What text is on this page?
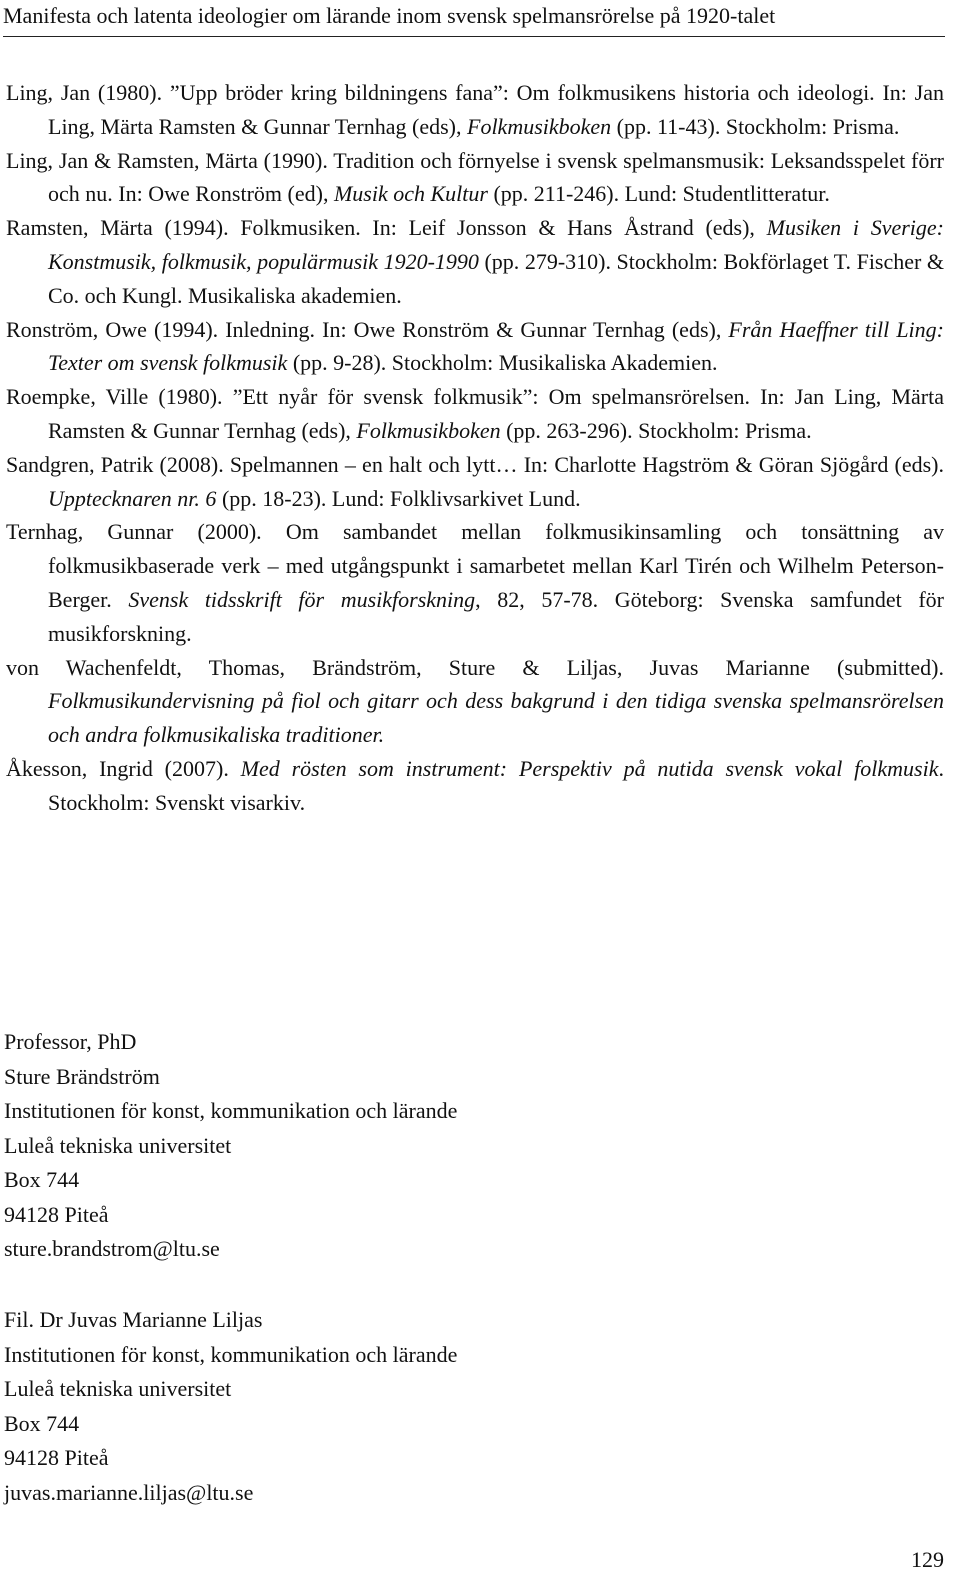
Manifesta och latenta ideologier om lärande inom svensk spelmansrörelse på 1920-talet

Ling, Jan (1980). ”Upp bröder kring bildningens fana”: Om folkmusikens historia och ideologi. In: Jan Ling, Märta Ramsten & Gunnar Ternhag (eds), Folkmusikboken (pp. 11-43). Stockholm: Prisma.

Ling, Jan & Ramsten, Märta (1990). Tradition och förnyelse i svensk spelmansmusik: Leksandsspelet förr och nu. In: Owe Ronström (ed), Musik och Kultur (pp. 211-246). Lund: Studentlitteratur.

Ramsten, Märta (1994). Folkmusiken. In: Leif Jonsson & Hans Åstrand (eds), Musiken i Sverige: Konstmusik, folkmusik, populärmusik 1920-1990 (pp. 279-310). Stockholm: Bokförlaget T. Fischer & Co. och Kungl. Musikaliska akademien.

Ronström, Owe (1994). Inledning. In: Owe Ronström & Gunnar Ternhag (eds), Från Haeffner till Ling: Texter om svensk folkmusik (pp. 9-28). Stockholm: Musikaliska Akademien.

Roempke, Ville (1980). ”Ett nyår för svensk folkmusik”: Om spelmansrörelsen. In: Jan Ling, Märta Ramsten & Gunnar Ternhag (eds), Folkmusikboken (pp. 263-296). Stockholm: Prisma.

Sandgren, Patrik (2008). Spelmannen – en halt och lytt… In: Charlotte Hagström & Göran Sjögård (eds). Upptecknaren nr. 6 (pp. 18-23). Lund: Folklivsarkivet Lund.

Ternhag, Gunnar (2000). Om sambandet mellan folkmusikinsamling och tonsättning av folkmusikbaserade verk – med utgångspunkt i samarbetet mellan Karl Tirén och Wilhelm Peterson-Berger. Svensk tidsskrift för musikforskning, 82, 57-78. Göteborg: Svenska samfundet för musikforskning.

von Wachenfeldt, Thomas, Brändström, Sture & Liljas, Juvas Marianne (submitted). Folkmusikundervisning på fiol och gitarr och dess bakgrund i den tidiga svenska spelmansrörelsen och andra folkmusikaliska traditioner.

Åkesson, Ingrid (2007). Med rösten som instrument: Perspektiv på nutida svensk vokal folkmusik. Stockholm: Svenskt visarkiv.

Professor, PhD
Sture Brändström
Institutionen för konst, kommunikation och lärande
Luleå tekniska universitet
Box 744
94128 Piteå
sture.brandstrom@ltu.se
Fil. Dr Juvas Marianne Liljas
Institutionen för konst, kommunikation och lärande
Luleå tekniska universitet
Box 744
94128 Piteå
juvas.marianne.liljas@ltu.se
129
